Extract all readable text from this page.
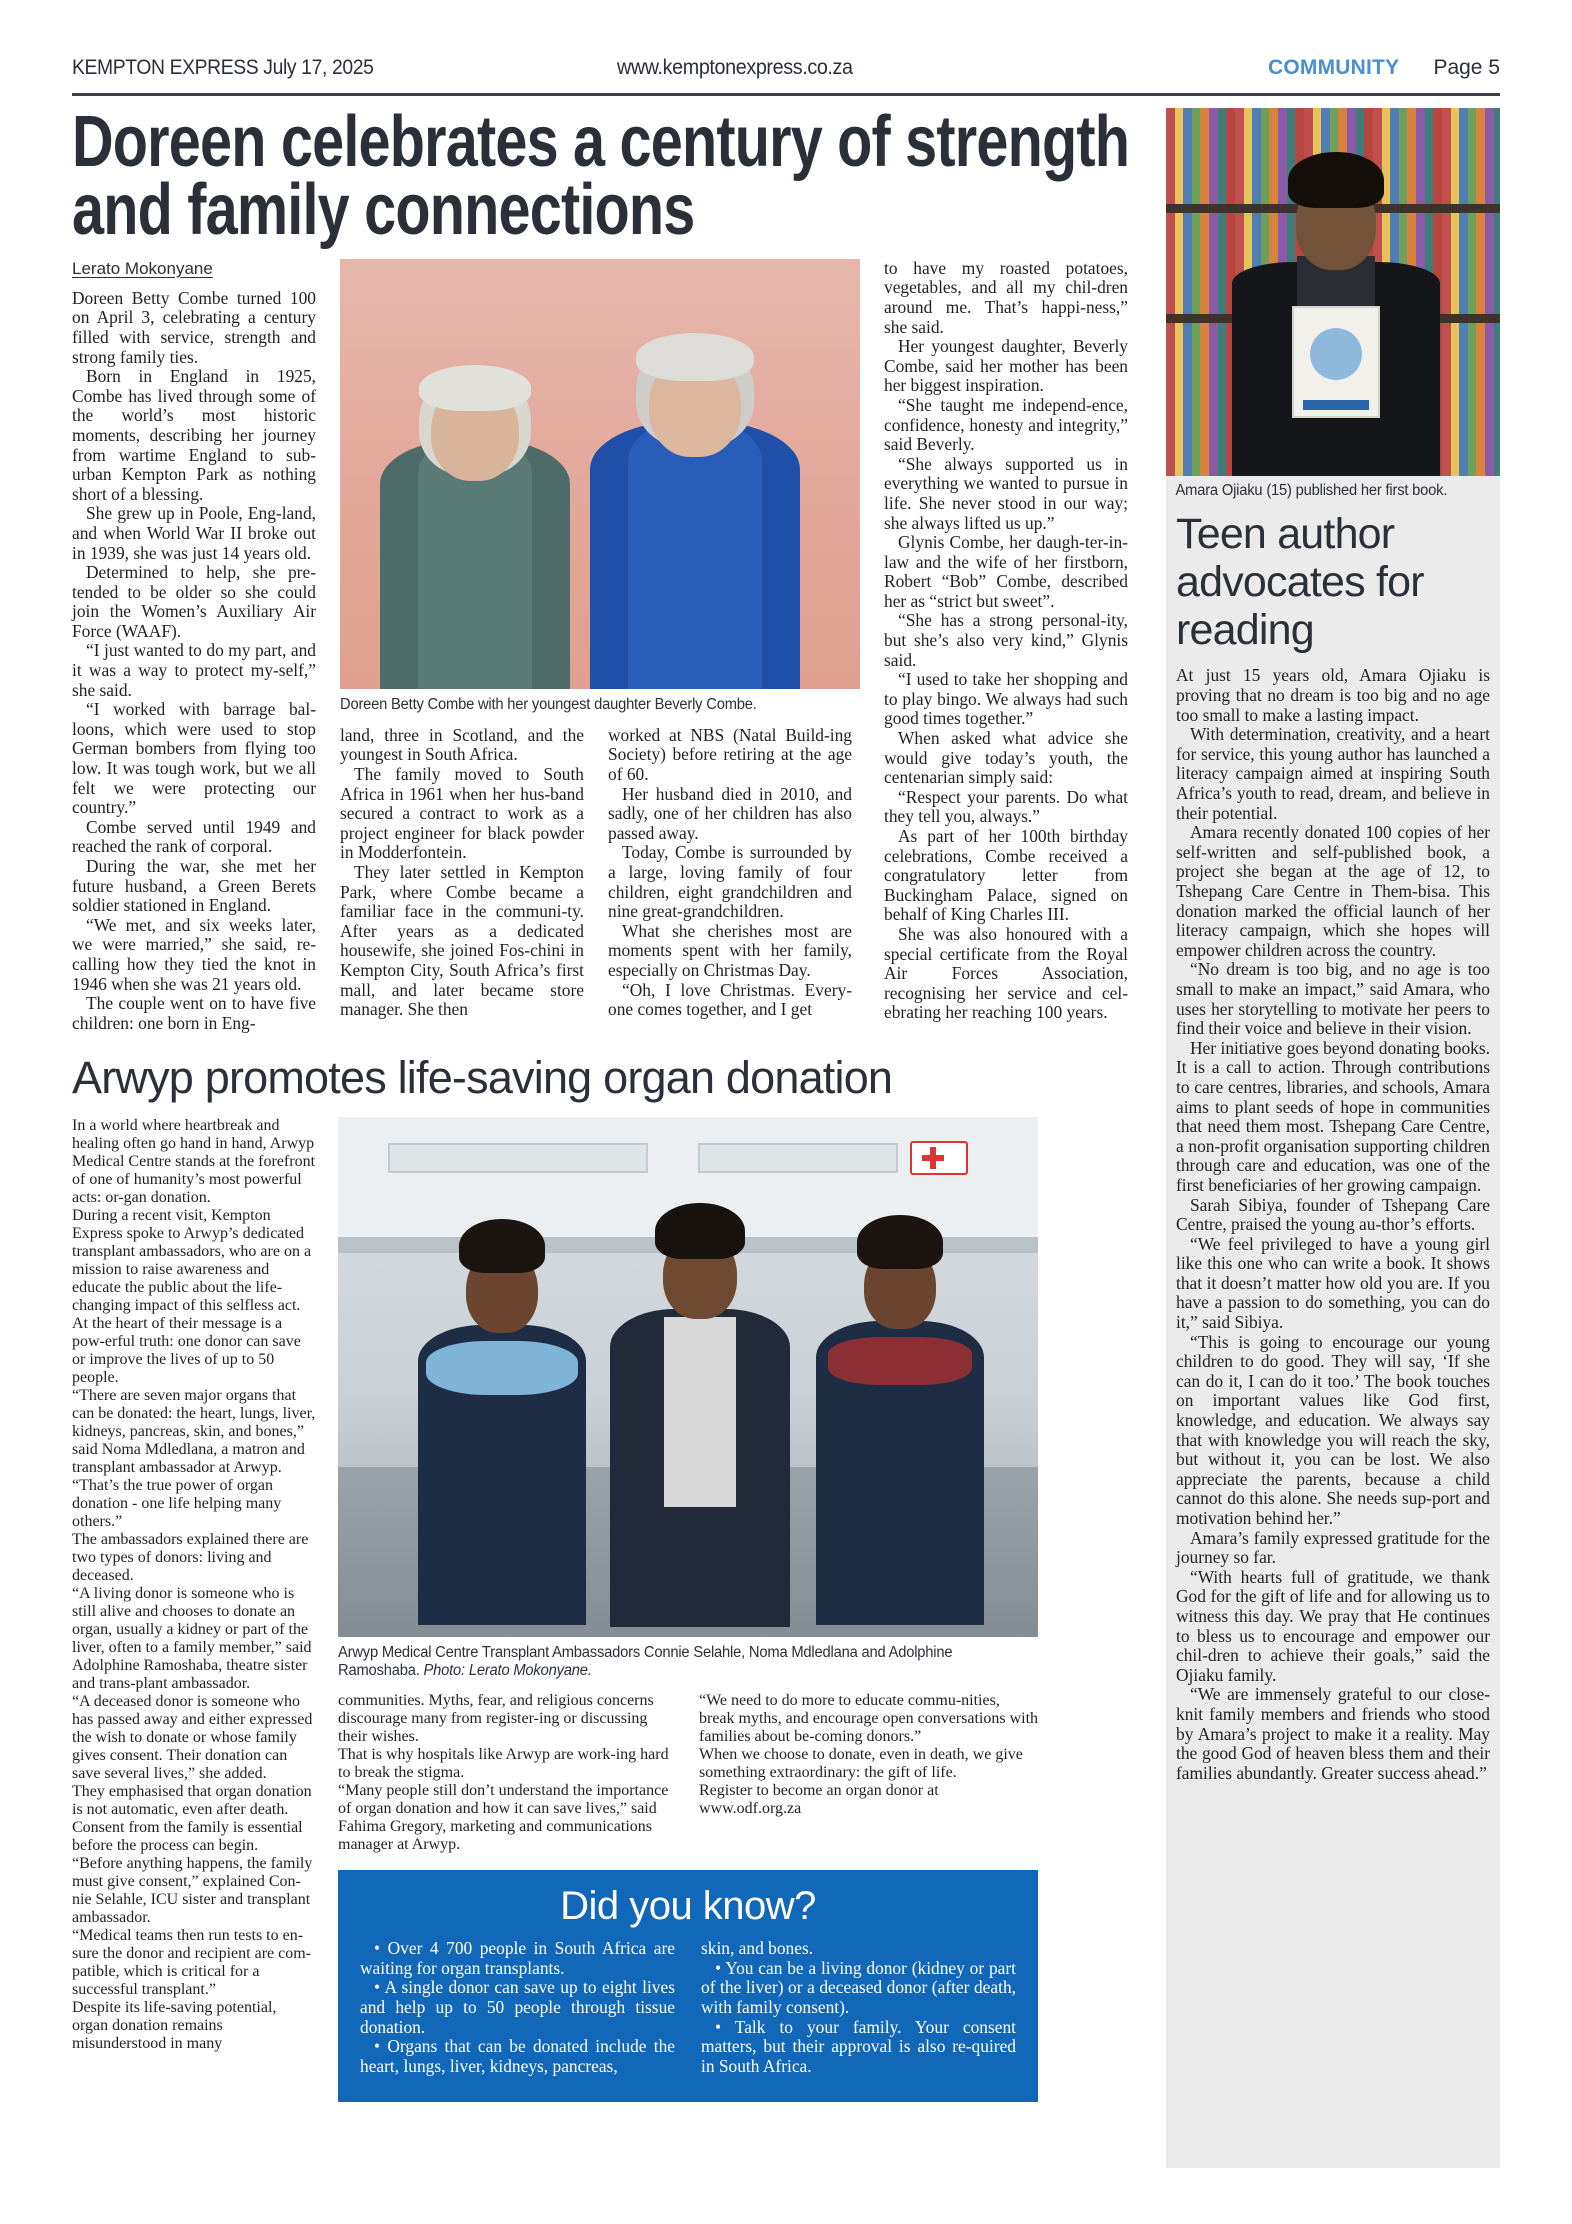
KEMPTON EXPRESS July 17, 2025	www.kemptonexpress.co.za	COMMUNITY Page 5
Doreen celebrates a century of strength and family connections
Lerato Mokonyane

Doreen Betty Combe turned 100 on April 3, celebrating a century filled with service, strength and strong family ties.

Born in England in 1925, Combe has lived through some of the world’s most historic moments, describing her journey from wartime England to sub-urban Kempton Park as nothing short of a blessing.

She grew up in Poole, Eng-land, and when World War II broke out in 1939, she was just 14 years old.

Determined to help, she pre-tended to be older so she could join the Women’s Auxiliary Air Force (WAAF).

“I just wanted to do my part, and it was a way to protect my-self,” she said.

“I worked with barrage bal-loons, which were used to stop German bombers from flying too low. It was tough work, but we all felt we were protecting our country.”

Combe served until 1949 and reached the rank of corporal.

During the war, she met her future husband, a Green Berets soldier stationed in England.

“We met, and six weeks later, we were married,” she said, re-calling how they tied the knot in 1946 when she was 21 years old.

The couple went on to have five children: one born in Eng-

Doreen Betty Combe with her youngest daughter Beverly Combe.

land, three in Scotland, and the youngest in South Africa.

The family moved to South Africa in 1961 when her hus-band secured a contract to work as a project engineer for black powder in Modderfontein.

They later settled in Kempton Park, where Combe became a familiar face in the communi-ty. After years as a dedicated housewife, she joined Fos-chini in Kempton City, South Africa’s first mall, and later became store manager. She then

worked at NBS (Natal Build-ing Society) before retiring at the age of 60.

Her husband died in 2010, and sadly, one of her children has also passed away.

Today, Combe is surrounded by a large, loving family of four children, eight grandchildren and nine great-grandchildren.

What she cherishes most are moments spent with her family, especially on Christmas Day.

“Oh, I love Christmas. Every-one comes together, and I get

to have my roasted potatoes, vegetables, and all my chil-dren around me. That’s happi-ness,” she said.

Her youngest daughter, Beverly Combe, said her mother has been her biggest inspiration.

“She taught me independ-ence, confidence, honesty and integrity,” said Beverly.

“She always supported us in everything we wanted to pursue in life. She never stood in our way; she always lifted us up.”

Glynis Combe, her daugh-ter-in-law and the wife of her firstborn, Robert “Bob” Combe, described her as “strict but sweet”.

“She has a strong personal-ity, but she’s also very kind,” Glynis said.

“I used to take her shopping and to play bingo. We always had such good times together.”

When asked what advice she would give today’s youth, the centenarian simply said:

“Respect your parents. Do what they tell you, always.”

As part of her 100th birthday celebrations, Combe received a congratulatory letter from Buckingham Palace, signed on behalf of King Charles III.

She was also honoured with a special certificate from the Royal Air Forces Association, recognising her service and cel-ebrating her reaching 100 years.

Arwyp promotes life-saving organ donation

In a world where heartbreak and healing often go hand in hand, Arwyp Medical Centre stands at the forefront of one of humanity’s most powerful acts: or-gan donation.

During a recent visit, Kempton Express spoke to Arwyp’s dedicated transplant ambassadors, who are on a mission to raise awareness and educate the public about the life-changing impact of this selfless act.

At the heart of their message is a pow-erful truth: one donor can save or improve the lives of up to 50 people.

“There are seven major organs that can be donated: the heart, lungs, liver, kidneys, pancreas, skin, and bones,” said Noma Mdledlana, a matron and transplant ambassador at Arwyp. “That’s the true power of organ donation - one life helping many others.”

The ambassadors explained there are two types of donors: living and deceased.

“A living donor is someone who is still alive and chooses to donate an organ, usually a kidney or part of the liver, often to a family member,” said Adolphine Ramoshaba, theatre sister and trans-plant ambassador.

“A deceased donor is someone who has passed away and either expressed the wish to donate or whose family gives consent. Their donation can save several lives,” she added.

They emphasised that organ donation is not automatic, even after death.

Consent from the family is essential before the process can begin.

“Before anything happens, the family must give consent,” explained Con-nie Selahle, ICU sister and transplant ambassador.

“Medical teams then run tests to en-sure the donor and recipient are com-patible, which is critical for a successful transplant.”

Despite its life-saving potential, organ donation remains misunderstood in many

Arwyp Medical Centre Transplant Ambassadors Connie Selahle, Noma Mdledlana and Adolphine Ramoshaba. Photo: Lerato Mokonyane.

communities. Myths, fear, and religious concerns discourage many from register-ing or discussing their wishes.

That is why hospitals like Arwyp are work-ing hard to break the stigma.

“Many people still don’t understand the importance of organ donation and how it can save lives,” said Fahima Gregory, marketing and communications manager at Arwyp.

“We need to do more to educate commu-nities, break myths, and encourage open conversations with families about be-coming donors.”

When we choose to donate, even in death, we give something extraordinary: the gift of life.

Register to become an organ donor at www.odf.org.za

Did you know?

• Over 4 700 people in South Africa are waiting for organ transplants.

• A single donor can save up to eight lives and help up to 50 people through tissue donation.

• Organs that can be donated include the heart, lungs, liver, kidneys, pancreas,

skin, and bones.

• You can be a living donor (kidney or part of the liver) or a deceased donor (after death, with family consent).

• Talk to your family. Your consent matters, but their approval is also re-quired in South Africa.

Amara Ojiaku (15) published her first book.
Teen author advocates for reading

At just 15 years old, Amara Ojiaku is proving that no dream is too big and no age too small to make a lasting impact.

With determination, creativity, and a heart for service, this young author has launched a literacy campaign aimed at inspiring South Africa’s youth to read, dream, and believe in their potential.

Amara recently donated 100 copies of her self-written and self-published book, a project she began at the age of 12, to Tshepang Care Centre in Them-bisa. This donation marked the official launch of her literacy campaign, which she hopes will empower children across the country.

“No dream is too big, and no age is too small to make an impact,” said Amara, who uses her storytelling to motivate her peers to find their voice and believe in their vision.

Her initiative goes beyond donating books. It is a call to action. Through contributions to care centres, libraries, and schools, Amara aims to plant seeds of hope in communities that need them most. Tshepang Care Centre, a non-profit organisation supporting children through care and education, was one of the first beneficiaries of her growing campaign.

Sarah Sibiya, founder of Tshepang Care Centre, praised the young au-thor’s efforts.

“We feel privileged to have a young girl like this one who can write a book. It shows that it doesn’t matter how old you are. If you have a passion to do something, you can do it,” said Sibiya.

“This is going to encourage our young children to do good. They will say, ‘If she can do it, I can do it too.’ The book touches on important values like God first, knowledge, and education. We always say that with knowledge you will reach the sky, but without it, you can be lost. We also appreciate the parents, because a child cannot do this alone. She needs sup-port and motivation behind her.”

Amara’s family expressed gratitude for the journey so far.

“With hearts full of gratitude, we thank God for the gift of life and for allowing us to witness this day. We pray that He continues to bless us to encourage and empower our chil-dren to achieve their goals,” said the Ojiaku family.

“We are immensely grateful to our close-knit family members and friends who stood by Amara’s project to make it a reality. May the good God of heaven bless them and their families abundantly. Greater success ahead.”
